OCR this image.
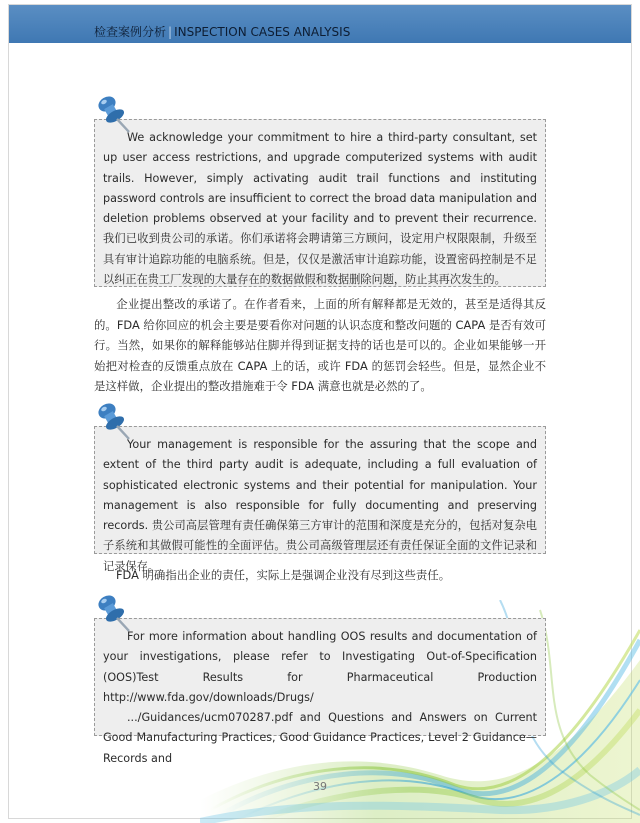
检查案例分析 | INSPECTION CASES ANALYSIS
We acknowledge your commitment to hire a third-party consultant, set up user access restrictions, and upgrade computerized systems with audit trails. However, simply activating audit trail functions and instituting password controls are insufficient to correct the broad data manipulation and deletion problems observed at your facility and to prevent their recurrence. 我们已收到贵公司的承诺。你们承诺将会聘请第三方顾问，设定用户权限限制，升级至具有审计追踪功能的电脑系统。但是，仅仅是激活审计追踪功能，设置密码控制是不足以纠正在贵工厂发现的大量存在的数据做假和数据删除问题，防止其再次发生的。
企业提出整改的承诺了。在作者看来，上面的所有解释都是无效的，甚至是适得其反的。FDA 给你回应的机会主要是要看你对问题的认识态度和整改问题的 CAPA 是否有效可行。当然，如果你的解释能够站住脚并得到证据支持的话也是可以的。企业如果能够一开始把对检查的反馈重点放在 CAPA 上的话，或许 FDA 的惩罚会轻些。但是，显然企业不是这样做，企业提出的整改措施难于令 FDA 满意也就是必然的了。
Your management is responsible for the assuring that the scope and extent of the third party audit is adequate, including a full evaluation of sophisticated electronic systems and their potential for manipulation. Your management is also responsible for fully documenting and preserving records. 贵公司高层管理有责任确保第三方审计的范围和深度是充分的，包括对复杂电子系统和其做假可能性的全面评估。贵公司高级管理层还有责任保证全面的文件记录和记录保存。
FDA 明确指出企业的责任，实际上是强调企业没有尽到这些责任。
For more information about handling OOS results and documentation of your investigations, please refer to Investigating Out-of-Specification (OOS)Test Results for Pharmaceutical Production http://www.fda.gov/downloads/Drugs/
.../Guidances/ucm070287.pdf and Questions and Answers on Current Good Manufacturing Practices, Good Guidance Practices, Level 2 Guidance—Records and
39
